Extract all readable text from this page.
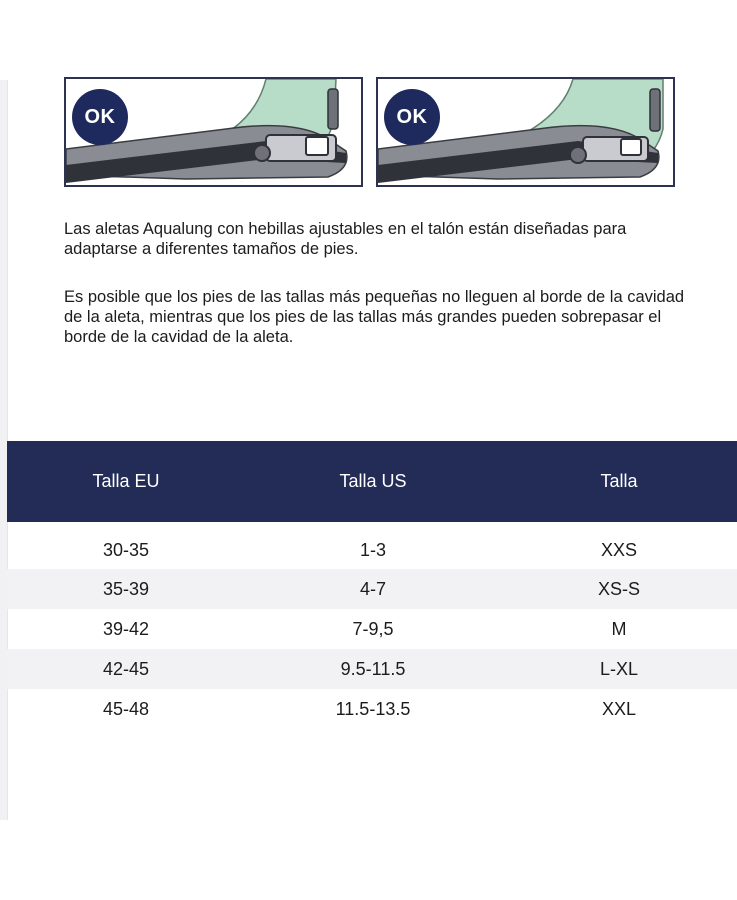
OK	OK

Las aletas Aqualung con hebillas ajustables en el talón están diseñadas para adaptarse a diferentes tamaños de pies.

Es posible que los pies de las tallas más pequeñas no lleguen al borde de la cavidad de la aleta, mientras que los pies de las tallas más grandes pueden sobrepasar el borde de la cavidad de la aleta.

Talla EU	Talla US	Talla
30-35	1-3	XXS
35-39	4-7	XS-S
39-42	7-9,5	M
42-45	9.5-11.5	L-XL
45-48	11.5-13.5	XXL
